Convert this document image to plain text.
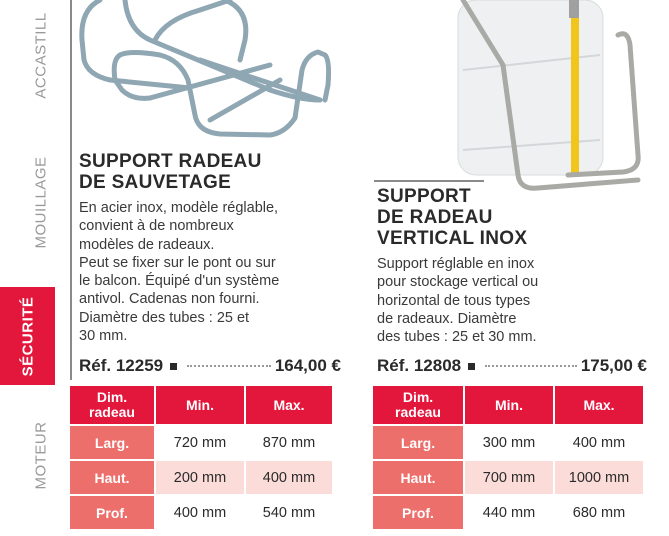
ACCASTILL
MOUILLAGE
SÉCURITÉ
MOTEUR
SUPPORT RADEAU
DE SAUVETAGE
En acier inox, modèle réglable,
convient à de nombreux
modèles de radeaux.
Peut se fixer sur le pont ou sur
le balcon. Équipé d'un système
antivol. Cadenas non fourni.
Diamètre des tubes : 25 et
30 mm.
Réf. 12259	164,00 €
Dim.
radeau	Min.	Max.
Larg.	720 mm	870 mm
Haut.	200 mm	400 mm
Prof.	400 mm	540 mm
SUPPORT
DE RADEAU
VERTICAL INOX
Support réglable en inox
pour stockage vertical ou
horizontal de tous types
de radeaux. Diamètre
des tubes : 25 et 30 mm.
Réf. 12808	175,00 €
Dim.
radeau	Min.	Max.
Larg.	300 mm	400 mm
Haut.	700 mm	1000 mm
Prof.	440 mm	680 mm
